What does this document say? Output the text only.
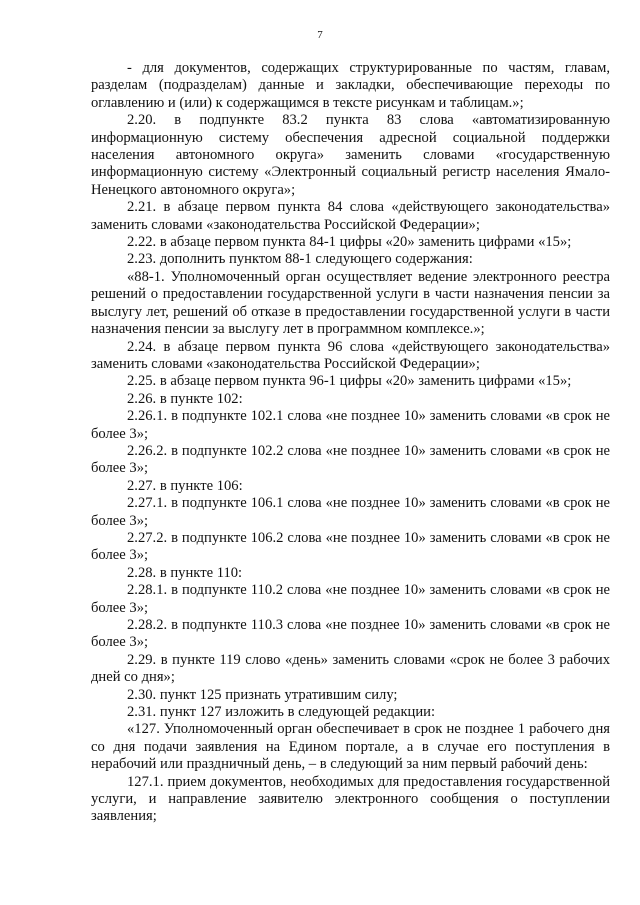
7

- для документов, содержащих структурированные по частям, главам, разделам (подразделам) данные и закладки, обеспечивающие переходы по оглавлению и (или) к содержащимся в тексте рисункам и таблицам.»;

2.20. в подпункте 83.2 пункта 83 слова «автоматизированную информационную систему обеспечения адресной социальной поддержки населения автономного округа» заменить словами «государственную информационную систему «Электронный социальный регистр населения Ямало-Ненецкого автономного округа»;

2.21. в абзаце первом пункта 84 слова «действующего законодательства» заменить словами «законодательства Российской Федерации»;

2.22. в абзаце первом пункта 84-1 цифры «20» заменить цифрами «15»;

2.23. дополнить пунктом 88-1 следующего содержания:

«88-1. Уполномоченный орган осуществляет ведение электронного реестра решений о предоставлении государственной услуги в части назначения пенсии за выслугу лет, решений об отказе в предоставлении государственной услуги в части назначения пенсии за выслугу лет в программном комплексе.»;

2.24. в абзаце первом пункта 96 слова «действующего законодательства» заменить словами «законодательства Российской Федерации»;

2.25. в абзаце первом пункта 96-1 цифры «20» заменить цифрами «15»;

2.26. в пункте 102:

2.26.1. в подпункте 102.1 слова «не позднее 10» заменить словами «в срок не более 3»;

2.26.2. в подпункте 102.2 слова «не позднее 10» заменить словами «в срок не более 3»;

2.27. в пункте 106:

2.27.1. в подпункте 106.1 слова «не позднее 10» заменить словами «в срок не более 3»;

2.27.2. в подпункте 106.2 слова «не позднее 10» заменить словами «в срок не более 3»;

2.28. в пункте 110:

2.28.1. в подпункте 110.2 слова «не позднее 10» заменить словами «в срок не более 3»;

2.28.2. в подпункте 110.3 слова «не позднее 10» заменить словами «в срок не более 3»;

2.29. в пункте 119 слово «день» заменить словами «срок не более 3 рабочих дней со дня»;

2.30. пункт 125 признать утратившим силу;

2.31. пункт 127 изложить в следующей редакции:

«127. Уполномоченный орган обеспечивает в срок не позднее 1 рабочего дня со дня подачи заявления на Едином портале, а в случае его поступления в нерабочий или праздничный день, – в следующий за ним первый рабочий день:

127.1. прием документов, необходимых для предоставления государственной услуги, и направление заявителю электронного сообщения о поступлении заявления;
